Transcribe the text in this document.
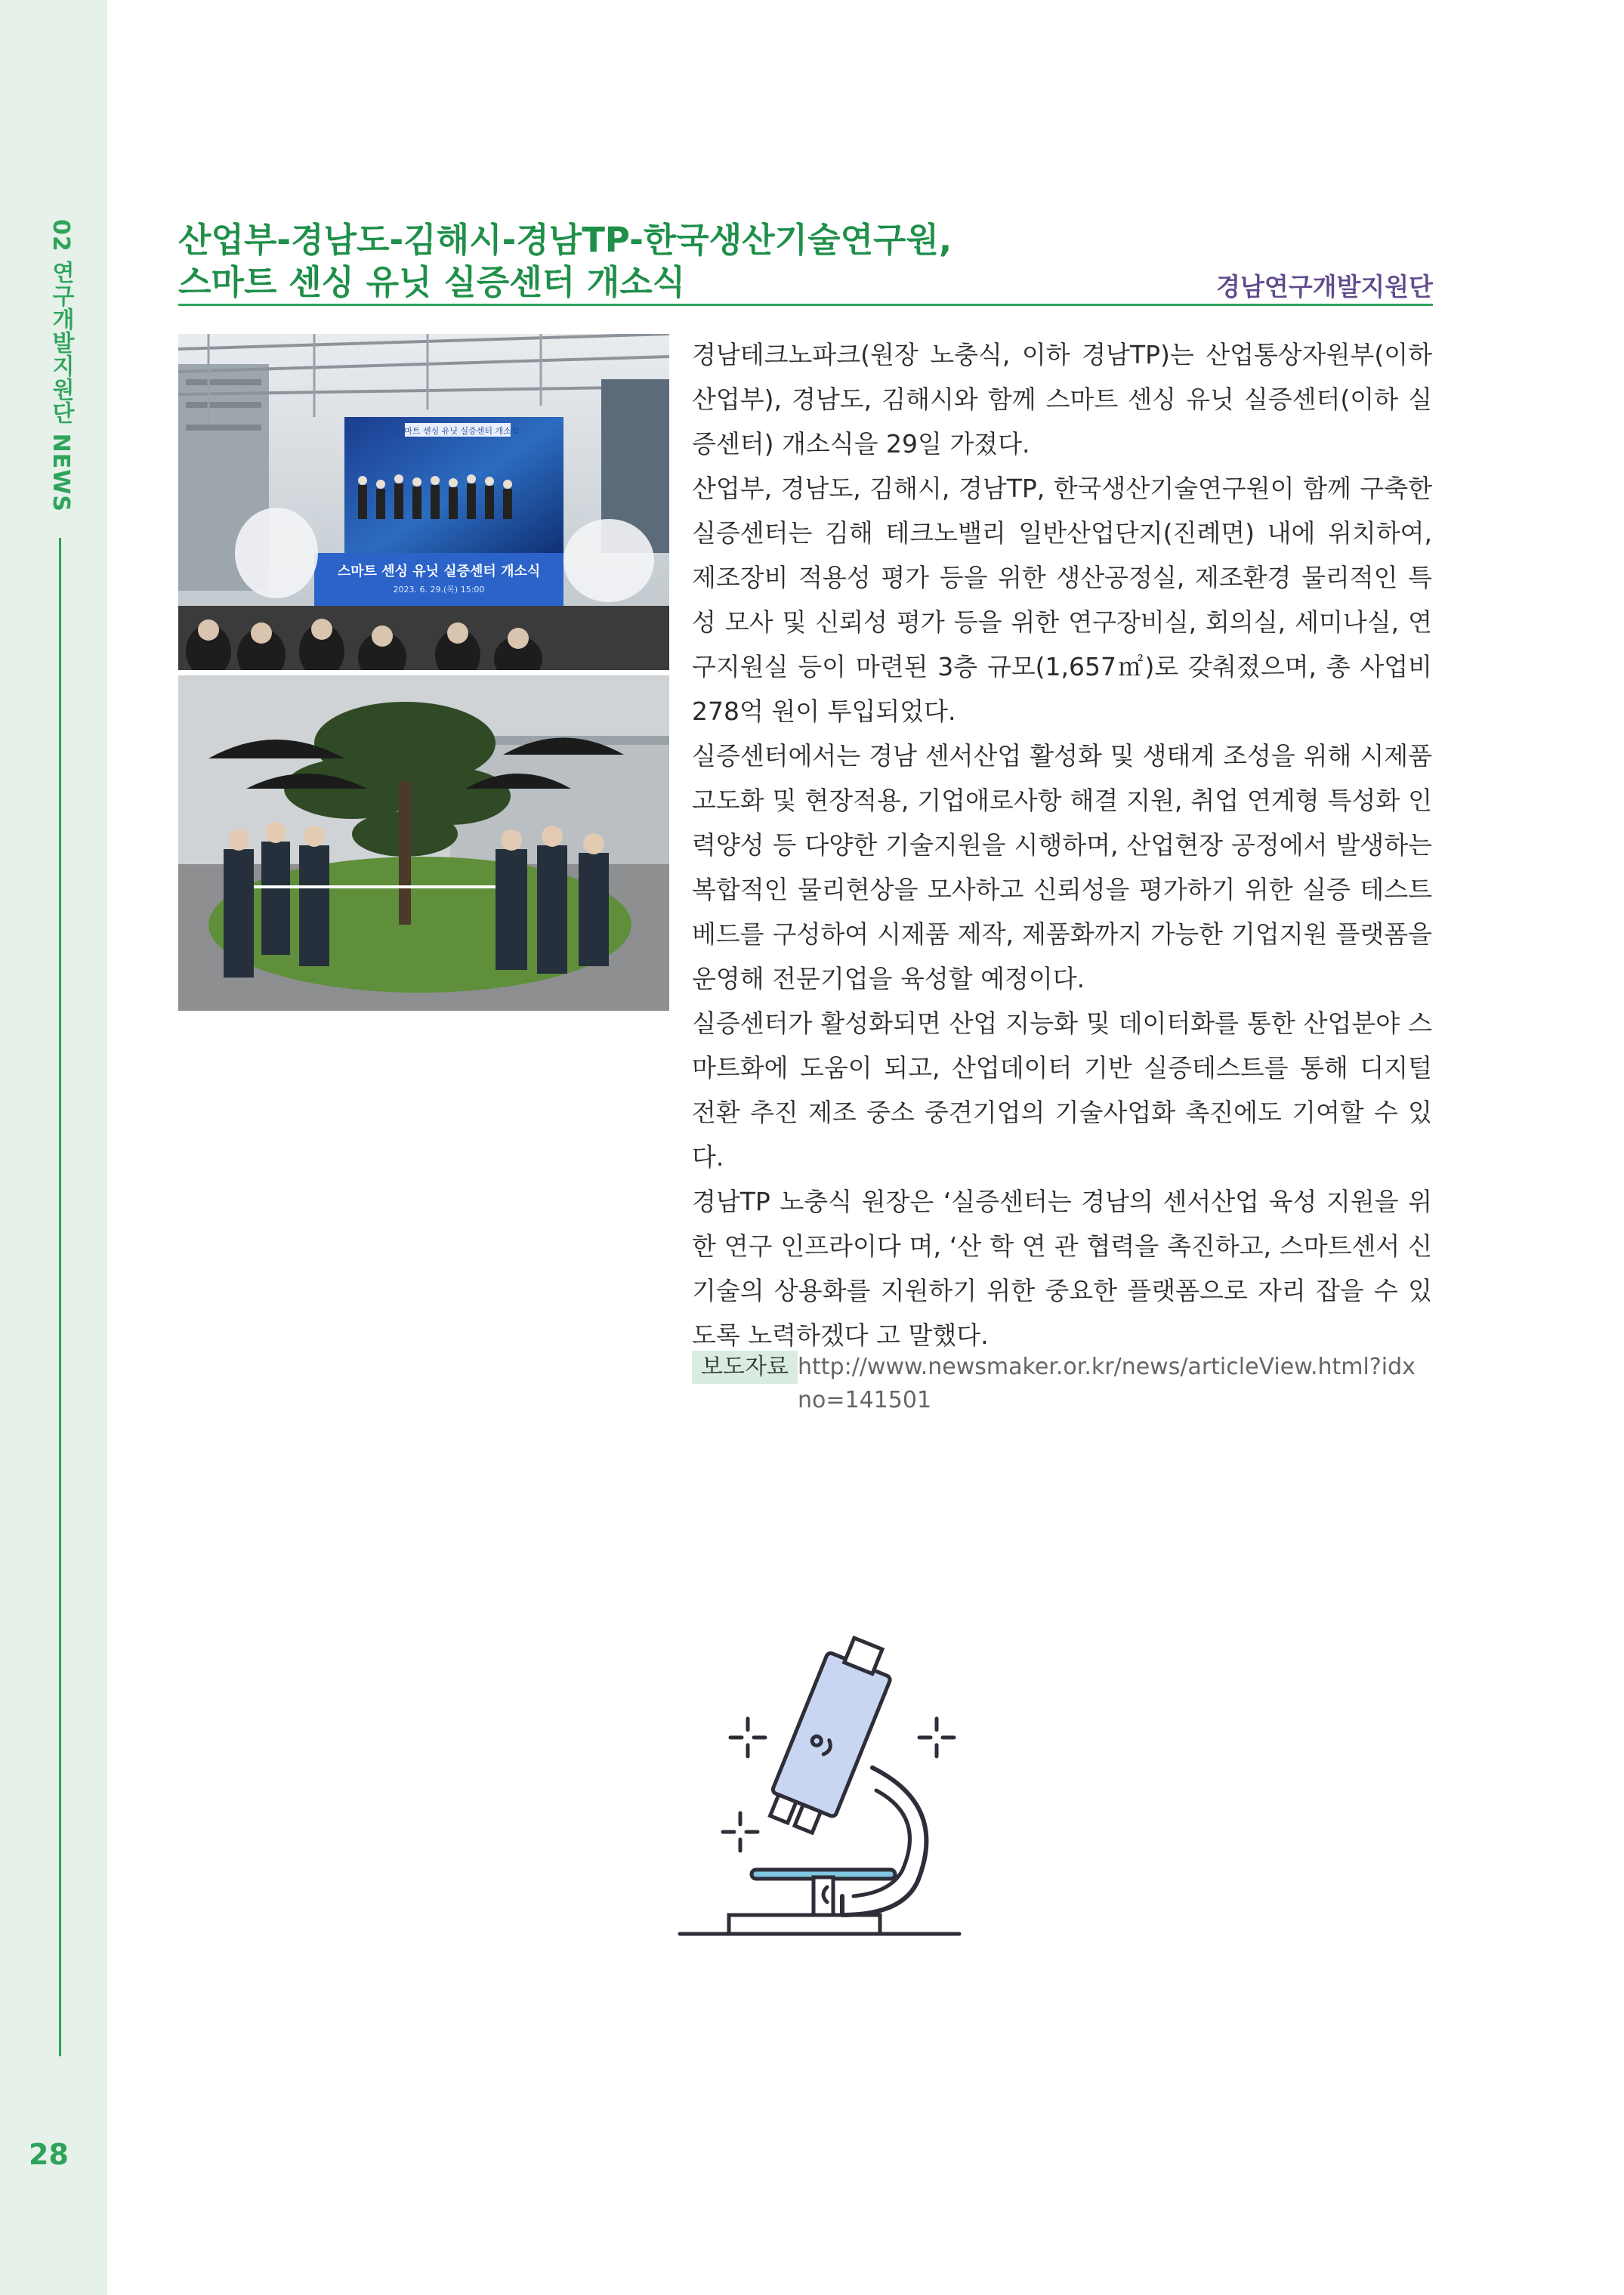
02 연구개발지원단 NEWS
28
산업부-경남도-김해시-경남TP-한국생산기술연구원,
스마트 센싱 유닛 실증센터 개소식	경남연구개발지원단
스마트 센싱 유닛 실증센터 개소식
스마트 센싱 유닛 실증센터 개소식
2023. 6. 29.(목) 15:00

경남테크노파크(원장 노충식, 이하 경남TP)는 산업통상자원부(이하 산업부), 경남도, 김해시와 함께 스마트 센싱 유닛 실증센터(이하 실증센터) 개소식을 29일 가졌다.

산업부, 경남도, 김해시, 경남TP, 한국생산기술연구원이 함께 구축한 실증센터는 김해 테크노밸리 일반산업단지(진례면) 내에 위치하여, 제조장비 적용성 평가 등을 위한 생산공정실, 제조환경 물리적인 특성 모사 및 신뢰성 평가 등을 위한 연구장비실, 회의실, 세미나실, 연구지원실 등이 마련된 3층 규모(1,657㎡)로 갖춰졌으며, 총 사업비 278억 원이 투입되었다.

실증센터에서는 경남 센서산업 활성화 및 생태계 조성을 위해 시제품 고도화 및 현장적용, 기업애로사항 해결 지원, 취업 연계형 특성화 인력양성 등 다양한 기술지원을 시행하며, 산업현장 공정에서 발생하는 복합적인 물리현상을 모사하고 신뢰성을 평가하기 위한 실증 테스트베드를 구성하여 시제품 제작, 제품화까지 가능한 기업지원 플랫폼을 운영해 전문기업을 육성할 예정이다.

실증센터가 활성화되면 산업 지능화 및 데이터화를 통한 산업분야 스마트화에 도움이 되고, 산업데이터 기반 실증테스트를 통해 디지털 전환 추진 제조 중소 중견기업의 기술사업화 촉진에도 기여할 수 있다.

경남TP 노충식 원장은 ‘실증센터는 경남의 센서산업 육성 지원을 위한 연구 인프라이다 며, ‘산 학 연 관 협력을 촉진하고, 스마트센서 신기술의 상용화를 지원하기 위한 중요한 플랫폼으로 자리 잡을 수 있도록 노력하겠다 고 말했다.

보도자료 http://www.newsmaker.or.kr/news/articleView.html?idxno=141501
